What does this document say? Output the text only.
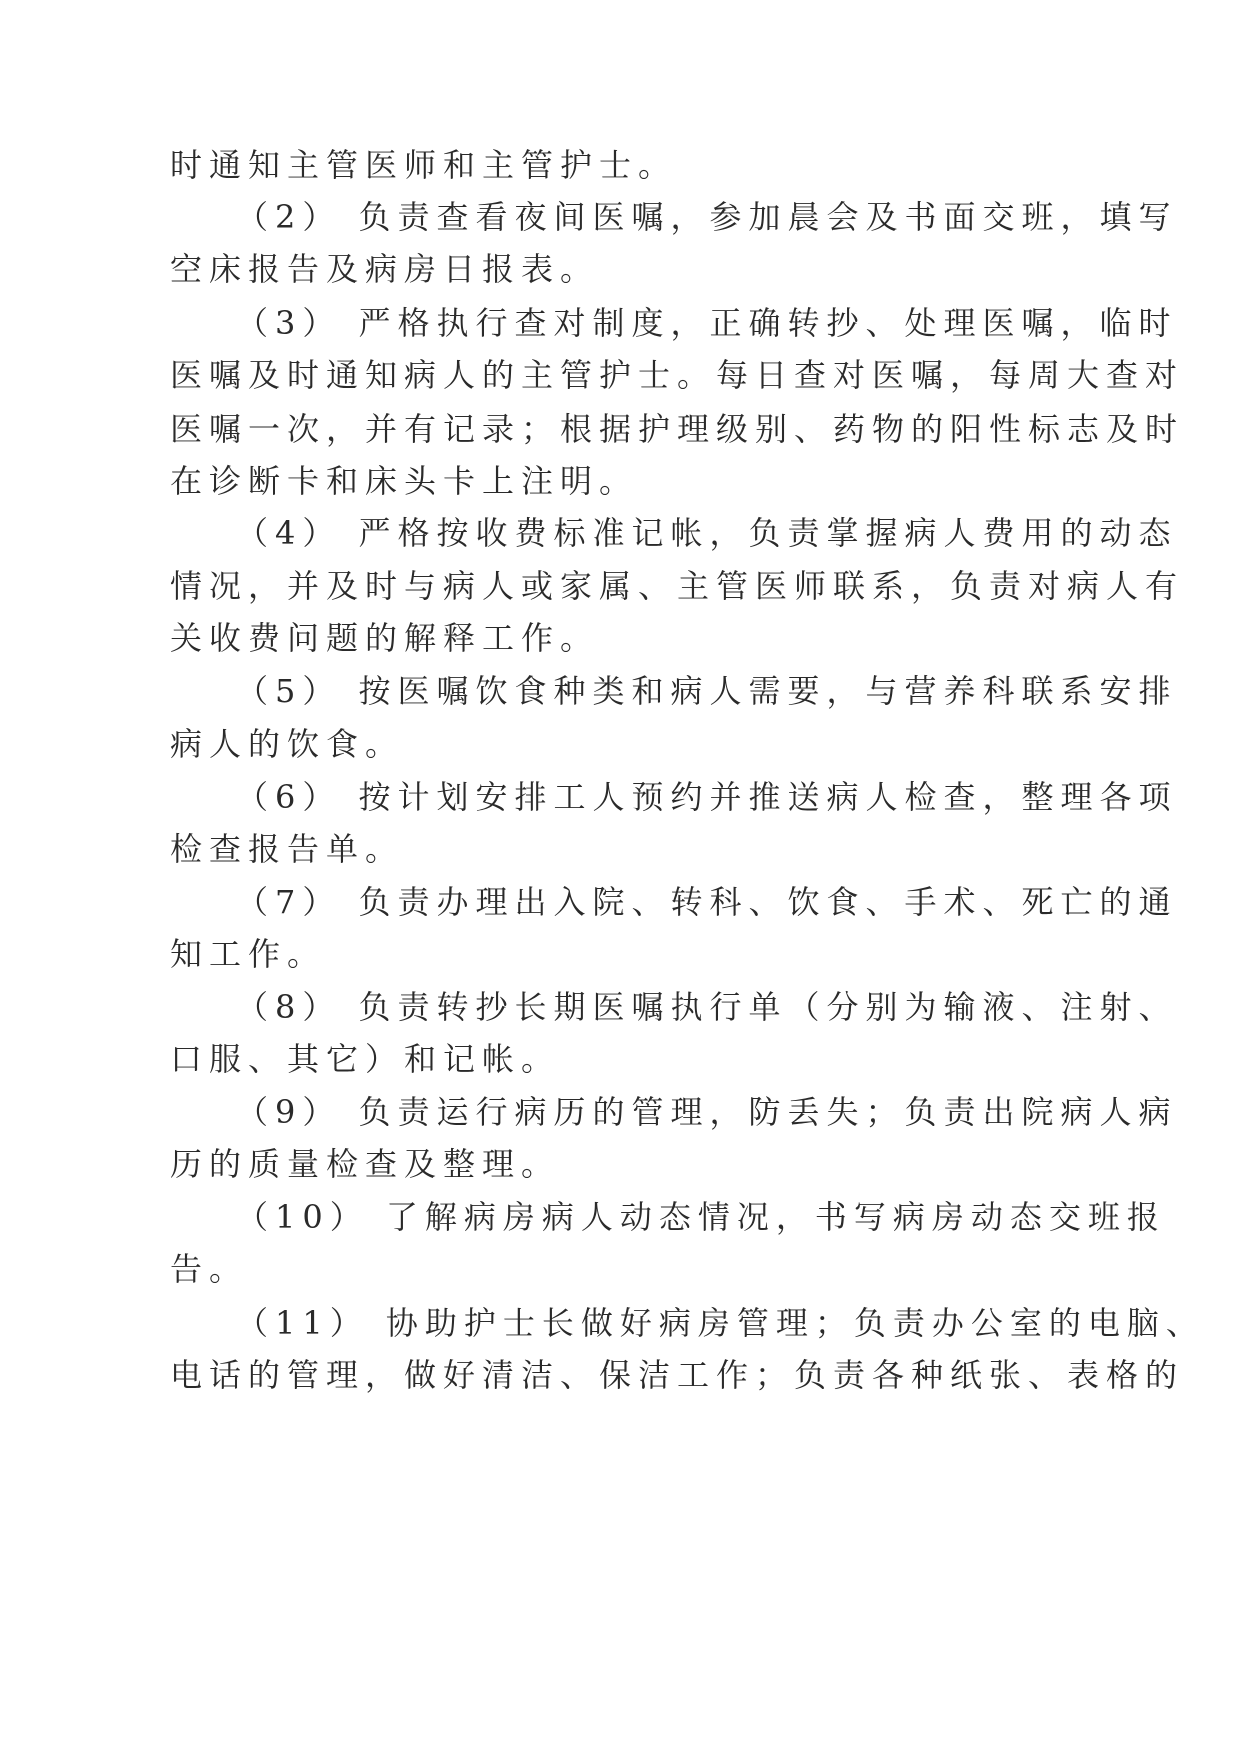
时通知主管医师和主管护士。
（2） 负责查看夜间医嘱，参加晨会及书面交班，填写
空床报告及病房日报表。
（3） 严格执行查对制度，正确转抄、处理医嘱，临时
医嘱及时通知病人的主管护士。每日查对医嘱，每周大查对
医嘱一次，并有记录；根据护理级别、药物的阳性标志及时
在诊断卡和床头卡上注明。
（4） 严格按收费标准记帐，负责掌握病人费用的动态
情况，并及时与病人或家属、主管医师联系，负责对病人有
关收费问题的解释工作。
（5） 按医嘱饮食种类和病人需要，与营养科联系安排
病人的饮食。
（6） 按计划安排工人预约并推送病人检查，整理各项
检查报告单。
（7） 负责办理出入院、转科、饮食、手术、死亡的通
知工作。
（8） 负责转抄长期医嘱执行单（分别为输液、注射、
口服、其它）和记帐。
（9） 负责运行病历的管理，防丢失；负责出院病人病
历的质量检查及整理。
（10） 了解病房病人动态情况，书写病房动态交班报
告。
（11） 协助护士长做好病房管理；负责办公室的电脑、
电话的管理，做好清洁、保洁工作；负责各种纸张、表格的
